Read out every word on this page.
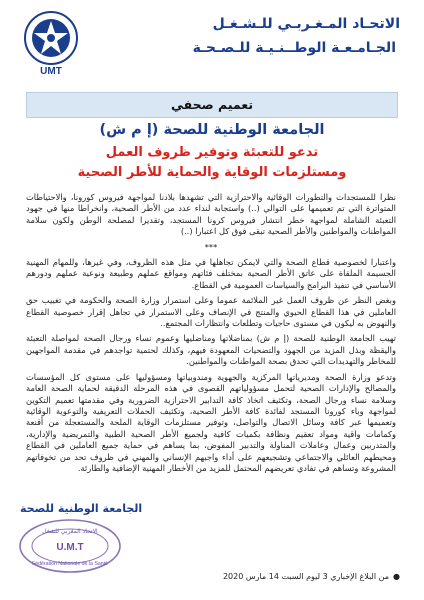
UMT
الاتحـاد المـغـربـي للـشـغـل
الجـامـعـة الوطــنـيـة للـصـحـة
تعميم صحفي
الجامعة الوطنية للصحة (إ م ش)
تدعو للتعبئة وتوفير ظروف العمل
ومستلزمات الوقاية والحماية للأطر الصحية

نظرا للمستجدات والتطورات الوقائية والاحترازية التي تشهدها بلادنا لمواجهة فيروس كورونا، والاحتياطات المتواترة التي تم تعميمها على التوالي (..) واستجابة لنداء عدد من الأطر الصحية، وانخراطا منها في جهود التعبئة الشاملة لمواجهة خطر انتشار فيروس كرونا المستجد، وتقديرا لمصلحة الوطن ولكون سلامة المواطنات والمواطنين والأطر الصحية تبقى فوق كل اعتبارا (..)

***

واعتبارا لخصوصية قطاع الصحة والتي لايمكن تجاهلها في مثل هذه الظروف، وفي غيرها، وللمهام المهنية الجسيمة الملقاة على عاتق الأطر الصحية بمختلف فئاتهم ومواقع عملهم وطبيعة ونوعية عملهم ودورهم الأساسي في تنفيذ البرامج والسياسات العمومية في القطاع.

وبغض النظر عن ظروف العمل غير الملائمة عموما وعلى استمرار وزارة الصحة والحكومة في تغييب حق العاملين في هذا القطاع الحيوي والمنتج في الإنصاف وعلى الاستمرار في تجاهل إقرار خصوصية القطاع والنهوض به ليكون في مستوى حاجيات وتطلعات وانتظارات المجتمع..

تهيب الجامعة الوطنية للصحة (إ م ش) بمناضلاتها ومناضليها وعموم نساء ورجال الصحة لمواصلة التعبئة واليقظة وبذل المزيد من الجهود والتضحيات المعهودة فيهم، وكذلك لحتمية تواجدهم في مقدمة المواجهين للمخاطر والتهديدات التي تحدق بصحة المواطنات والمواطنين.

وتدعو وزارة الصحة ومديرياتها المركزية والجهوية ومندوبياتها ومسؤوليها على مستوى كل المؤسسات والمصالح والإدارات الصحية لتحمل مسؤولياتهم القصوى في هذه المرحلة الدقيقة لحماية الصحة العامة وسلامة نساء ورجال الصحة، وتكثيف اتخاذ كافة التدابير الاحترازية الضرورية وفي مقدمتها تعميم التكوين لمواجهة وباء كورونا المستجد لفائدة كافة الأطر الصحية، وتكثيف الحملات التعريفية والتوعوية الوقائية وتعميمها عبر كافة وسائل الاتصال والتواصل، وتوفير مستلزمات الوقاية الملحة والمستعجلة من أقنعة وكمامات واقية ومواد تعقيم ونظافة بكميات كافية ولجميع الأطر الصحية الطبية والتمريضية والإدارية، والمتدربين وعمال وعاملات المناولة والتدبير المفوض، بما يساهم في حماية جميع العاملين في القطاع ومحيطهم العائلي والاجتماعي وتشجيعهم على أداء واجبهم الإنساني والمهني في ظروف تحد من تخوفاتهم المشروعة وتساهم في تفادي تعريضهم المحتمل للمزيد من الأخطار المهنية الإضافية والطارئة.

الجامعة الوطنية للصحة
الاتحاد المغربي للشغل
U.M.T
Fédération Nationale de la Santé
●من البلاغ الإخباري 3 ليوم السبت 14 مارس 2020
